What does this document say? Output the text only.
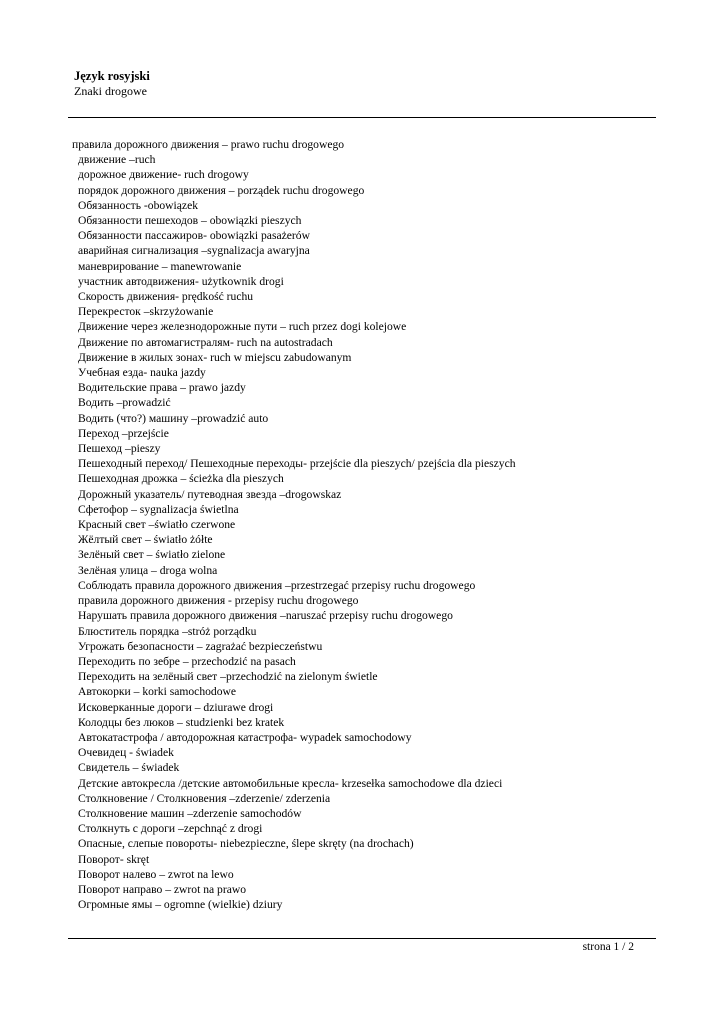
Język rosyjski
Znaki drogowe
правила дорожного движения – prawo ruchu drogowego
движение –ruch
дорожное движение- ruch drogowy
порядок дорожного движения – porządek ruchu drogowego
Обязанность -obowiązek
Обязанности пешеходов – obowiązki pieszych
Обязанности пассажиров- obowiązki pasażerów
аварийная сигнализация –sygnalizacja awaryjna
маневрирование – manewrowanie
участник автодвижения- użytkownik drogi
Скорость движения- prędkość ruchu
Перекресток –skrzyżowanie
Движение через железнодорожные пути – ruch przez dogi kolejowe
Движение по автомагистралям- ruch na autostradach
Движение в жилых зонах- ruch w miejscu zabudowanym
Учебная езда- nauka jazdy
Водительские права – prawo jazdy
Водить –prowadzić
Водить (что?) машину –prowadzić auto
Переход –przejście
Пешеход –pieszy
Пешеходный переход/ Пешеходные переходы- przejście dla pieszych/ pzejścia dla pieszych
Пешеходная дрожка – ścieżka dla pieszych
Дорожный указатель/ путеводная звезда –drogowskaz
Сфетофор – sygnalizacja świetlna
Красный свет –światło czerwone
Жёлтый свет – światło żółte
Зелёный свет – światło zielone
Зелёная улица – droga wolna
Соблюдать правила дорожного движения –przestrzegać przepisy ruchu drogowego
правила дорожного движения - przepisy ruchu drogowego
Нарушать правила дорожного движения –naruszać przepisy ruchu drogowego
Блюститель порядка –stróż porządku
Угрожать безопасности – zagrażać bezpieczeństwu
Переходить по зебре – przechodzić na pasach
Переходить на зелёный свет –przechodzić na zielonym świetle
Автокорки – korki samochodowe
Исковерканные дороги – dziurawe drogi
Колодцы без люков – studzienki bez kratek
Автокатастрофа / автодорожная катастрофа- wypadek samochodowy
Очевидец - świadek
Свидетель – świadek
Детские автокресла /детские автомобильные кресла- krzesełka samochodowe dla dzieci
Столкновение / Столкновения –zderzenie/ zderzenia
Столкновение машин –zderzenie samochodów
Столкнуть с дороги –zepchnąć z drogi
Опасные, слепые повороты- niebezpieczne, ślepe skręty (na drochach)
Поворот- skręt
Поворот налево – zwrot na lewo
Поворот направо – zwrot na prawo
Огромные ямы – ogromne (wielkie) dziury
strona 1 / 2
